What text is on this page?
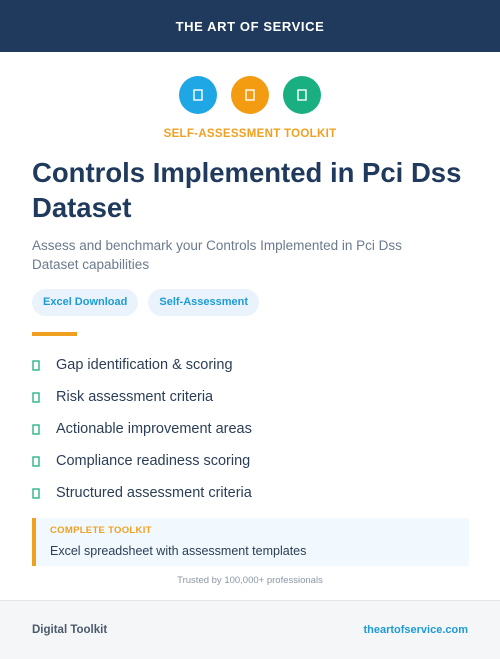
THE ART OF SERVICE
SELF-ASSESSMENT TOOLKIT
Controls Implemented in Pci Dss Dataset

Assess and benchmark your Controls Implemented in Pci Dss Dataset capabilities

Excel Download	Self-Assessment
Gap identification & scoring
Risk assessment criteria
Actionable improvement areas
Compliance readiness scoring
Structured assessment criteria
COMPLETE TOOLKIT
Excel spreadsheet with assessment templates
Trusted by 100,000+ professionals
Digital Toolkit	theartofservice.com
